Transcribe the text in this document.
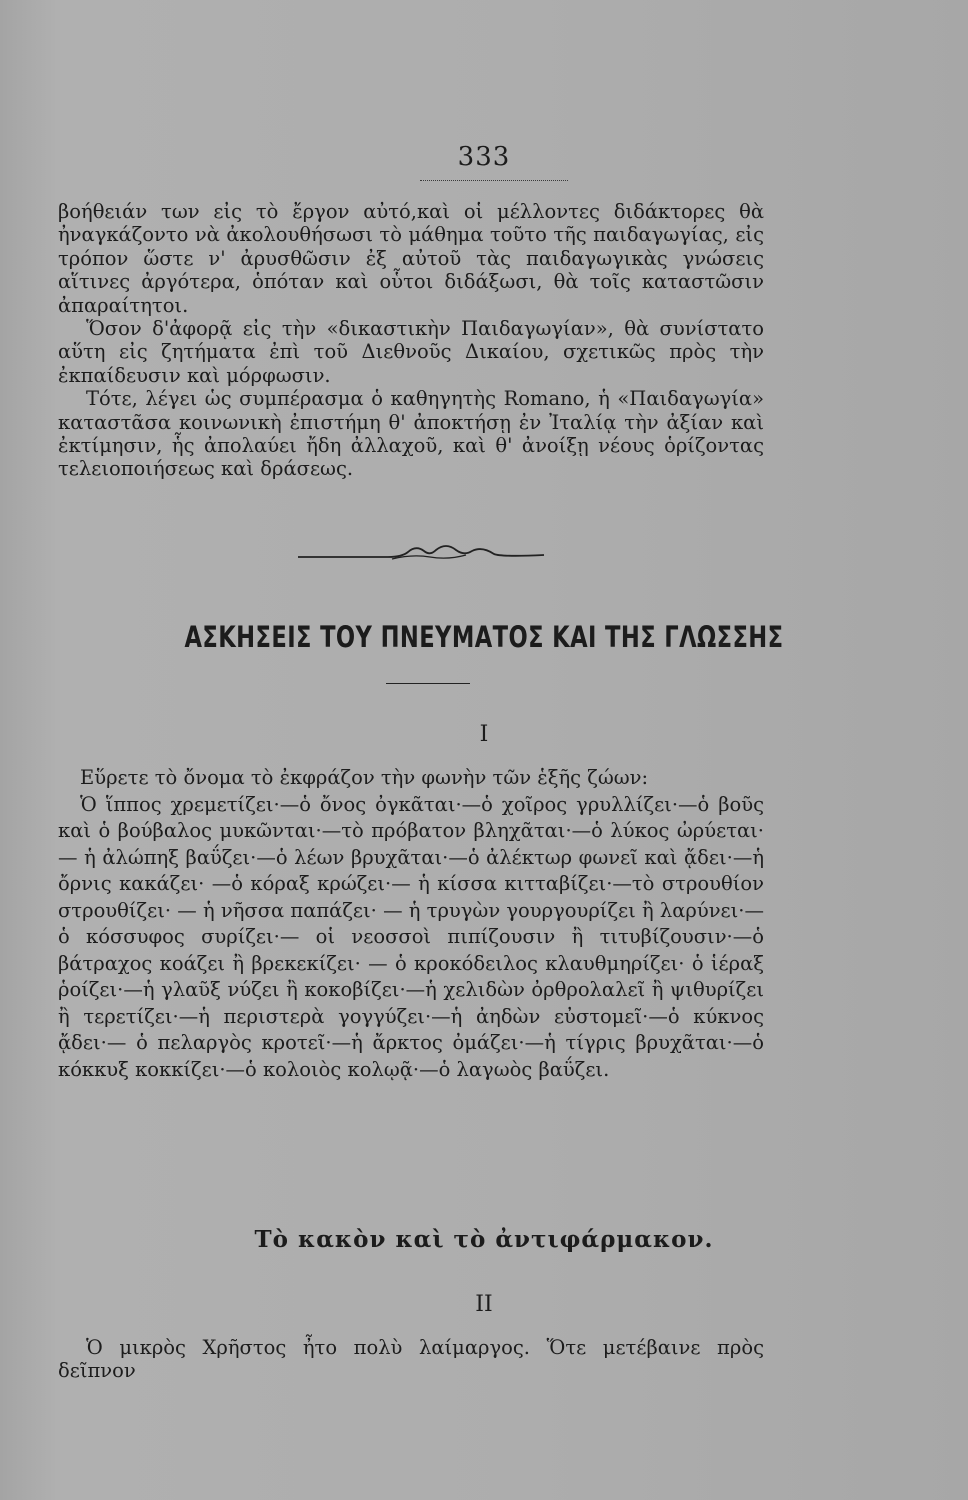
333

βοήθειάν των εἰς τὸ ἔργον αὐτό,καὶ οἱ μέλλοντες διδάκτορες θὰ ἠναγκάζοντο νὰ ἀκολουθήσωσι τὸ μάθημα τοῦτο τῆς παιδαγωγίας, εἰς τρόπον ὥστε ν' ἀρυσθῶσιν ἐξ αὐτοῦ τὰς παιδαγωγικὰς γνώσεις αἵτινες ἀργότερα, ὁπόταν καὶ οὗτοι διδάξωσι, θὰ τοῖς καταστῶσιν ἀπαραίτητοι.

Ὅσον δ'ἀφορᾷ εἰς τὴν «δικαστικὴν Παιδαγωγίαν», θὰ συνίστατο αὕτη εἰς ζητήματα ἐπὶ τοῦ Διεθνοῦς Δικαίου, σχετικῶς πρὸς τὴν ἐκπαίδευσιν καὶ μόρφωσιν.

Τότε, λέγει ὡς συμπέρασμα ὁ καθηγητὴς Romano, ἡ «Παιδαγωγία» καταστᾶσα κοινωνικὴ ἐπιστήμη θ' ἀποκτήσῃ ἐν Ἰταλίᾳ τὴν ἀξίαν καὶ ἐκτίμησιν, ἧς ἀπολαύει ἤδη ἀλλαχοῦ, καὶ θ' ἀνοίξῃ νέους ὁρίζοντας τελειοποιήσεως καὶ δράσεως.

ΑΣΚΗΣΕΙΣ ΤΟΥ ΠΝΕΥΜΑΤΟΣ ΚΑΙ ΤΗΣ ΓΛΩΣΣΗΣ
I

Εὕρετε τὸ ὄνομα τὸ ἐκφράζον τὴν φωνὴν τῶν ἑξῆς ζώων:

Ὁ ἵππος χρεμετίζει·—ὁ ὄνος ὀγκᾶται·—ὁ χοῖρος γρυλλίζει·—ὁ βοῦς καὶ ὁ βούβαλος μυκῶνται·—τὸ πρόβατον βληχᾶται·—ὁ λύκος ὠρύεται· — ἡ ἀλώπηξ βαΰζει·—ὁ λέων βρυχᾶται·—ὁ ἀλέκτωρ φωνεῖ καὶ ᾄδει·—ἡ ὄρνις κακάζει· —ὁ κόραξ κρώζει·— ἡ κίσσα κιτταβίζει·—τὸ στρουθίον στρουθίζει· — ἡ νῆσσα παπάζει· — ἡ τρυγὼν γουργουρίζει ἢ λαρύνει·— ὁ κόσσυφος συρίζει·— οἱ νεοσσοὶ πιπίζουσιν ἢ τιτυβίζουσιν·—ὁ βάτραχος κοάζει ἢ βρεκεκίζει· — ὁ κροκόδειλος κλαυθμηρίζει· ὁ ἱέραξ ῥοίζει·—ἡ γλαῦξ νύζει ἢ κοκοβίζει·—ἡ χελιδὼν ὀρθρολαλεῖ ἢ ψιθυρίζει ἢ τερετίζει·—ἡ περιστερὰ γογγύζει·—ἡ ἀηδὼν εὐστομεῖ·—ὁ κύκνος ᾄδει·— ὁ πελαργὸς κροτεῖ·—ἡ ἄρκτος ὀμάζει·—ἡ τίγρις βρυχᾶται·—ὁ κόκκυξ κοκκίζει·—ὁ κολοιὸς κολῳᾷ·—ὁ λαγωὸς βαΰζει.

Τὸ κακὸν καὶ τὸ ἀντιφάρμακον.
II
Ὁ μικρὸς Χρῆστος ἦτο πολὺ λαίμαργος. Ὅτε μετέβαινε πρὸς δεῖπνον
